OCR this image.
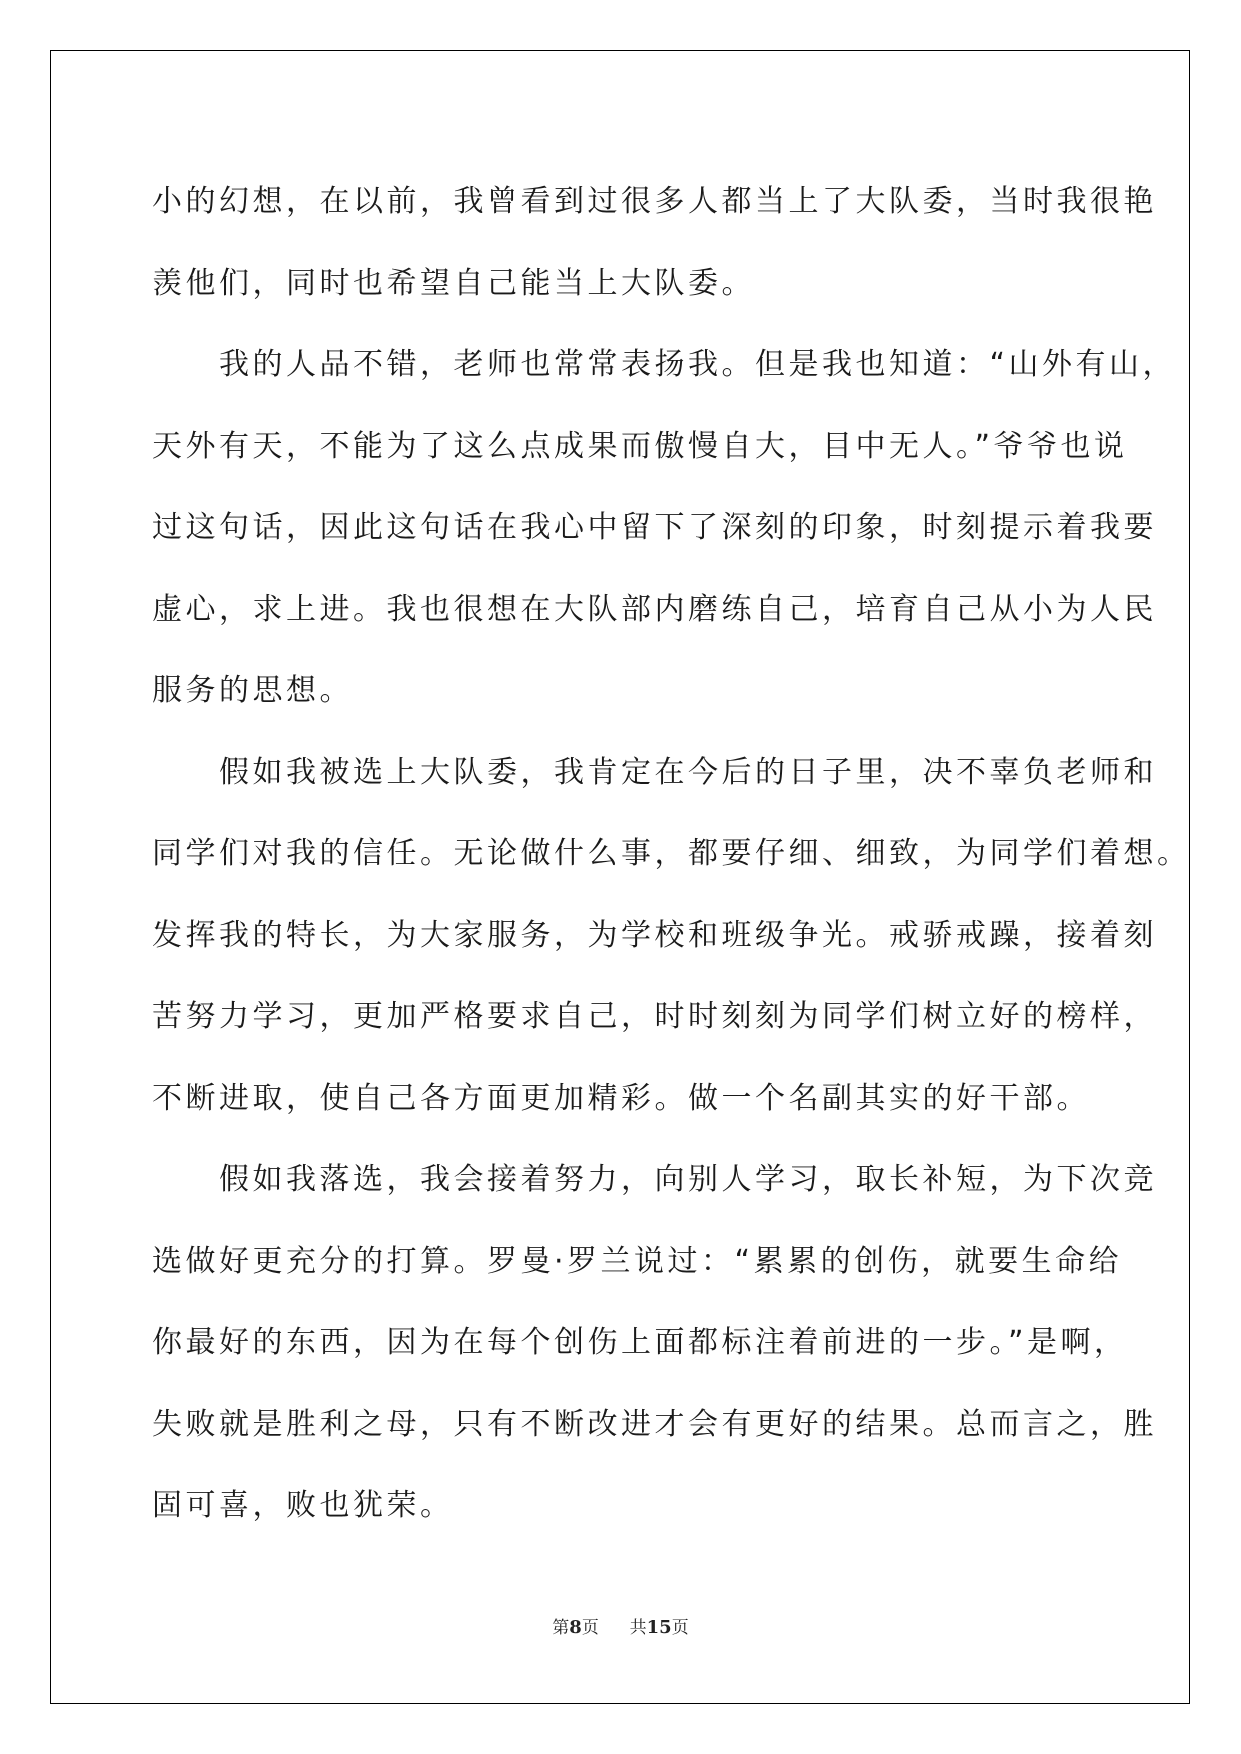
小的幻想，在以前，我曾看到过很多人都当上了大队委，当时我很艳
羡他们，同时也希望自己能当上大队委。
　　我的人品不错，老师也常常表扬我。但是我也知道：“山外有山，
天外有天，不能为了这么点成果而傲慢自大，目中无人。”爷爷也说
过这句话，因此这句话在我心中留下了深刻的印象，时刻提示着我要
虚心，求上进。我也很想在大队部内磨练自己，培育自己从小为人民
服务的思想。
　　假如我被选上大队委，我肯定在今后的日子里，决不辜负老师和
同学们对我的信任。无论做什么事，都要仔细、细致，为同学们着想。
发挥我的特长，为大家服务，为学校和班级争光。戒骄戒躁，接着刻
苦努力学习，更加严格要求自己，时时刻刻为同学们树立好的榜样，
不断进取，使自己各方面更加精彩。做一个名副其实的好干部。
　　假如我落选，我会接着努力，向别人学习，取长补短，为下次竞
选做好更充分的打算。罗曼·罗兰说过：“累累的创伤，就要生命给
你最好的东西，因为在每个创伤上面都标注着前进的一步。”是啊，
失败就是胜利之母，只有不断改进才会有更好的结果。总而言之，胜
固可喜，败也犹荣。
第8页 共15页
